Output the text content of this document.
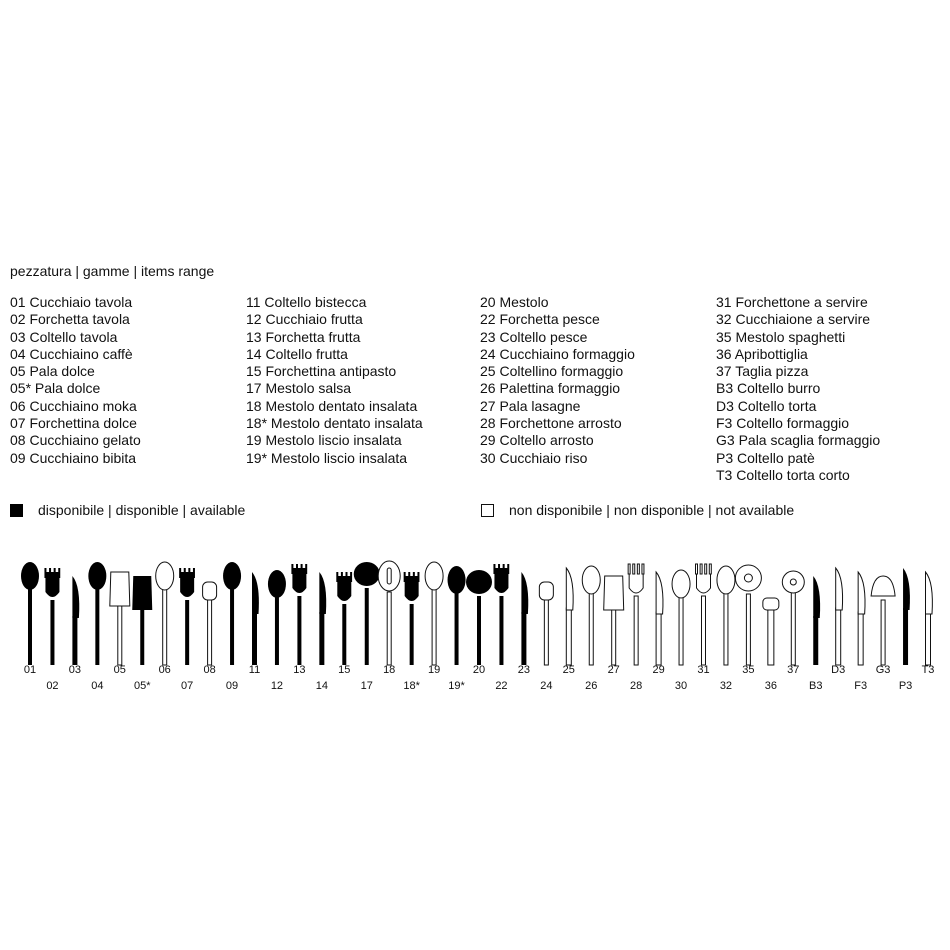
pezzatura | gamme | items range
01 Cucchiaio tavola
02 Forchetta tavola
03 Coltello tavola
04 Cucchiaino caffè
05 Pala dolce
05* Pala dolce
06 Cucchiaino moka
07 Forchettina dolce
08 Cucchiaino gelato
09 Cucchiaino bibita
11 Coltello bistecca
12 Cucchiaio frutta
13 Forchetta frutta
14 Coltello frutta
15 Forchettina antipasto
17 Mestolo salsa
18 Mestolo dentato insalata
18* Mestolo dentato insalata
19 Mestolo liscio insalata
19* Mestolo liscio insalata
20 Mestolo
22 Forchetta pesce
23 Coltello pesce
24 Cucchiaino formaggio
25 Coltellino formaggio
26 Palettina formaggio
27 Pala lasagne
28 Forchettone arrosto
29 Coltello arrosto
30 Cucchiaio riso
31 Forchettone a servire
32 Cucchiaione a servire
35 Mestolo spaghetti
36 Apribottiglia
37 Taglia pizza
B3 Coltello burro
D3 Coltello torta
F3 Coltello formaggio
G3 Pala scaglia formaggio
P3 Coltello patè
T3 Coltello torta corto
disponibile | disponible | available	non disponibile | non disponible | not available
01
02
03
04
05
05*
06
07
08
09
11
12
13
14
15
17
18
18*
19
19*
20
22
23
24
25
26
27
28
29
30
31
32
35
36
37
B3
D3
F3
G3
P3
T3
